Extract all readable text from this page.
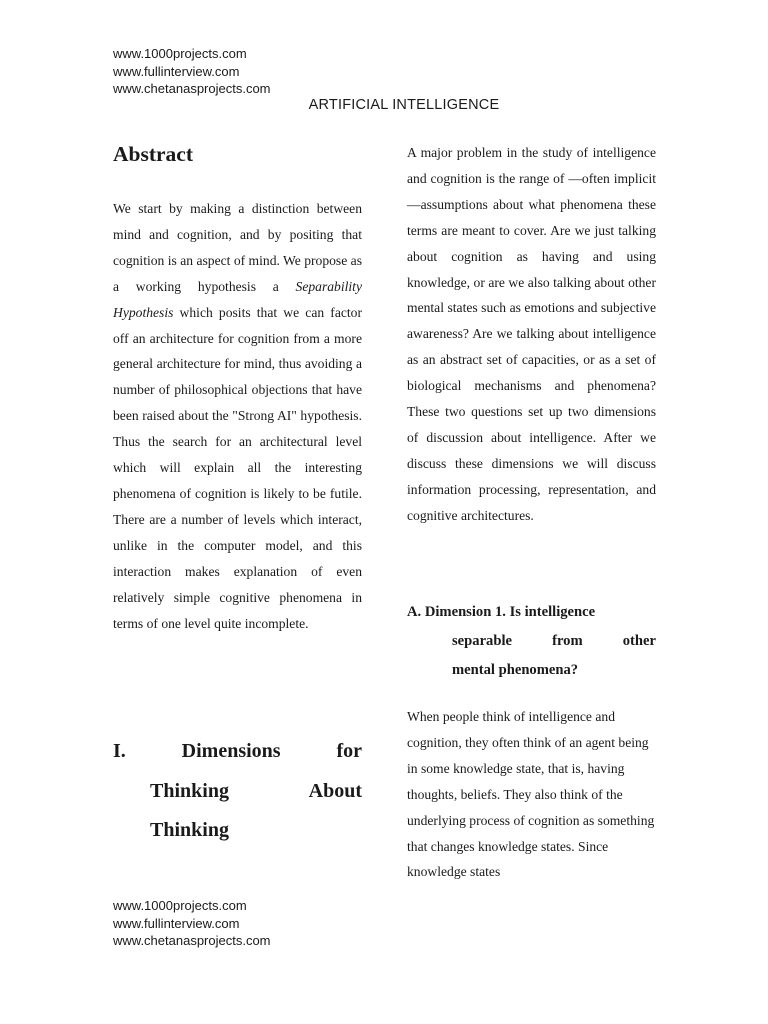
www.1000projects.com
www.fullinterview.com
www.chetanasprojects.com
ARTIFICIAL INTELLIGENCE
Abstract

We start by making a distinction between mind and cognition, and by positing that cognition is an aspect of mind. We propose as a working hypothesis a Separability Hypothesis which posits that we can factor off an architecture for cognition from a more general architecture for mind, thus avoiding a number of philosophical objections that have been raised about the "Strong AI" hypothesis. Thus the search for an architectural level which will explain all the interesting phenomena of cognition is likely to be futile. There are a number of levels which interact, unlike in the computer model, and this interaction makes explanation of even relatively simple cognitive phenomena in terms of one level quite incomplete.

I.	Dimensions	for
Thinking	About
Thinking

A major problem in the study of intelligence and cognition is the range of —often implicit—assumptions about what phenomena these terms are meant to cover. Are we just talking about cognition as having and using knowledge, or are we also talking about other mental states such as emotions and subjective awareness? Are we talking about intelligence as an abstract set of capacities, or as a set of biological mechanisms and phenomena? These two questions set up two dimensions of discussion about intelligence. After we discuss these dimensions we will discuss information processing, representation, and cognitive architectures.

A. Dimension 1. Is intelligence
separable	from	other
mental phenomena?

When people think of intelligence and cognition, they often think of an agent being in some knowledge state, that is, having thoughts, beliefs. They also think of the underlying process of cognition as something that changes knowledge states. Since knowledge states

www.1000projects.com
www.fullinterview.com
www.chetanasprojects.com
